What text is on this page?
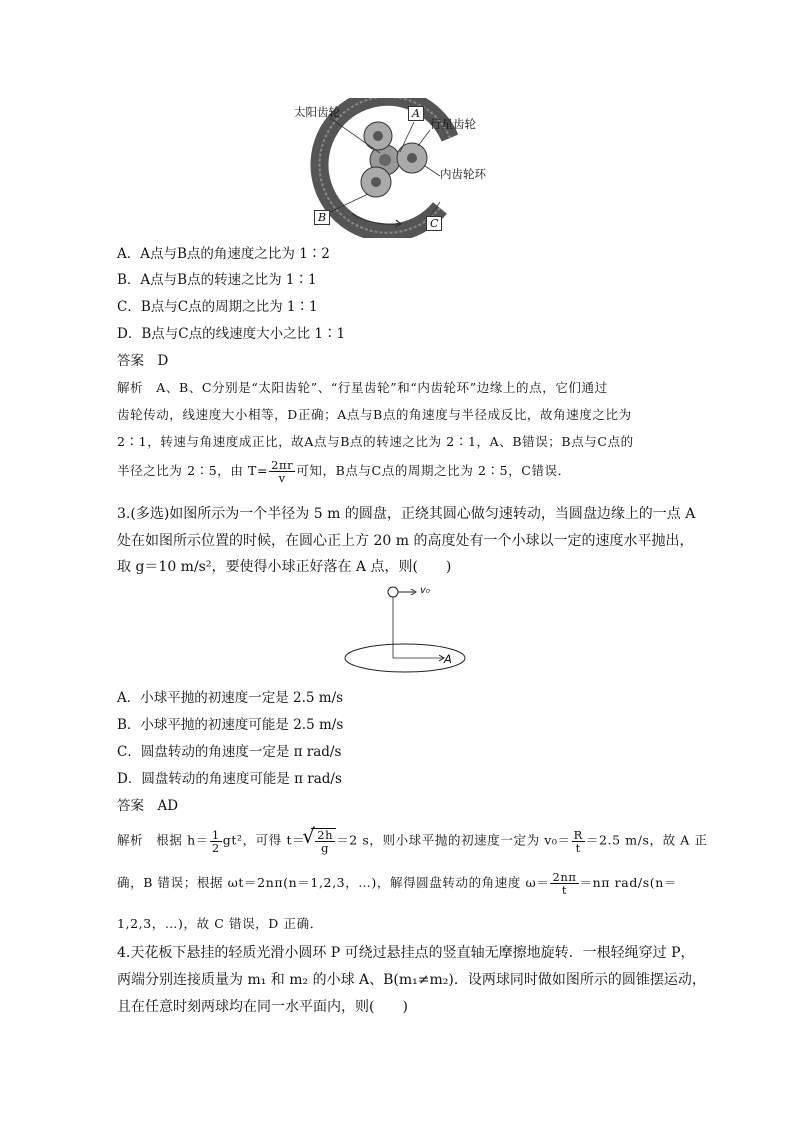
太阳齿轮
行星齿轮
内齿轮环
A
B	C
A．A点与B点的角速度之比为 1∶2
B．A点与B点的转速之比为 1∶1
C．B点与C点的周期之比为 1∶1
D．B点与C点的线速度大小之比 1∶1
答案　D
解析　A、B、C分别是“太阳齿轮”、“行星齿轮”和“内齿轮环”边缘上的点，它们通过
齿轮传动，线速度大小相等，D正确；A点与B点的角速度与半径成反比，故角速度之比为
2∶1，转速与角速度成正比，故A点与B点的转速之比为 2∶1，A、B错误；B点与C点的
半径之比为 2∶5，由 $T= \frac{2\pi r}{v}$ 可知，B点与C点的周期之比为 2∶5，C错误．
3.(多选)如图所示为一个半径为 5 m 的圆盘，正绕其圆心做匀速转动，当圆盘边缘上的一点 A
处在如图所示位置的时候，在圆心正上方 20 m 的高度处有一个小球以一定的速度水平抛出，
取 g＝10 m/s²，要使得小球正好落在 A 点，则(　　)
v₀
A
A．小球平抛的初速度一定是 2.5 m/s
B．小球平抛的初速度可能是 2.5 m/s
C．圆盘转动的角速度一定是 π rad/s
D．圆盘转动的角速度可能是 π rad/s
答案　AD
解析　根据 $h= \frac{1}{2} gt^2$，可得 t＝
√ $\frac{2h}{g} =2$ s，则小球平抛的初速度一定为 $v_0= \frac{R}{t} =2.5$ m/s，故 A 正
确，B 错误；根据 ωt＝2nπ(n＝1,2,3，…)，解得圆盘转动的角速度 $\omega= \frac{2n\pi}{t} =n\pi$ rad/s(n＝
1,2,3，…)，故 C 错误，D 正确．
4.天花板下悬挂的轻质光滑小圆环 P 可绕过悬挂点的竖直轴无摩擦地旋转．一根轻绳穿过 P，
两端分别连接质量为 m₁ 和 m₂ 的小球 A、B(m₁≠m₂)．设两球同时做如图所示的圆锥摆运动，
且在任意时刻两球均在同一水平面内，则(　　)
